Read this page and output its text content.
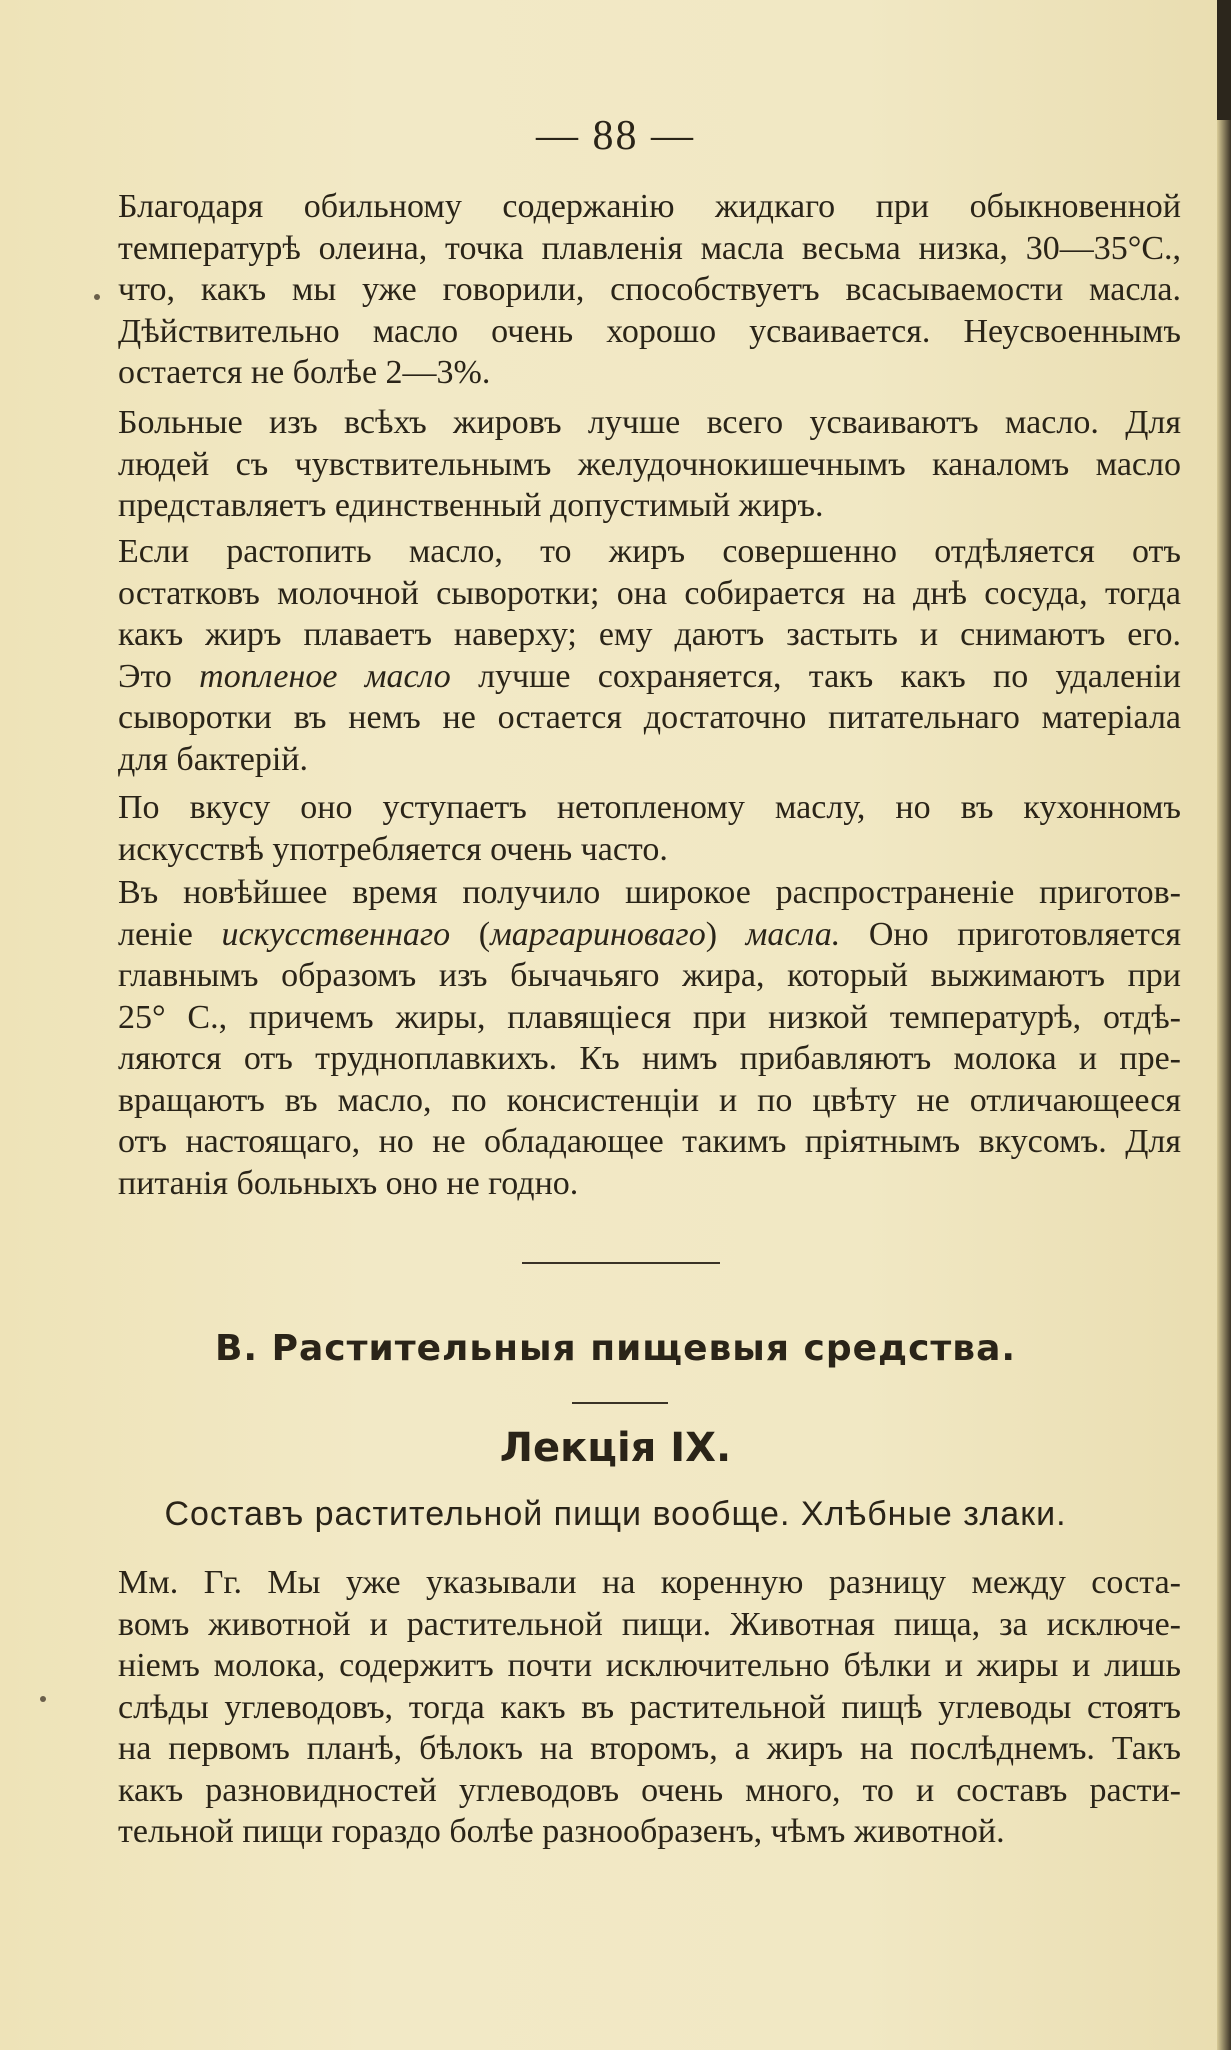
— 88 —
Благодаря обильному содержанію жидкаго при обыкновенной
температурѣ олеина, точка плавленія масла весьма низка, 30—35°С.,
что, какъ мы уже говорили, способствуетъ всасываемости масла.
Дѣйствительно масло очень хорошо усваивается. Неусвоеннымъ
остается не болѣе 2—3%.
Больные изъ всѣхъ жировъ лучше всего усваиваютъ масло. Для
людей съ чувствительнымъ желудочнокишечнымъ каналомъ масло
представляетъ единственный допустимый жиръ.
Если растопить масло, то жиръ совершенно отдѣляется отъ
остатковъ молочной сыворотки; она собирается на днѣ сосуда, тогда
какъ жиръ плаваетъ наверху; ему даютъ застыть и снимаютъ его.
Это топленое масло лучше сохраняется, такъ какъ по удаленіи
сыворотки въ немъ не остается достаточно питательнаго матеріала
для бактерій.
По вкусу оно уступаетъ нетопленому маслу, но въ кухонномъ
искусствѣ употребляется очень часто.
Въ новѣйшее время получило широкое распространеніе приготов-
леніе искусственнаго (маргариноваго) масла. Оно приготовляется
главнымъ образомъ изъ бычачьяго жира, который выжимаютъ при
25° С., причемъ жиры, плавящіеся при низкой температурѣ, отдѣ-
ляются отъ трудноплавкихъ. Къ нимъ прибавляютъ молока и пре-
вращаютъ въ масло, по консистенціи и по цвѣту не отличающееся
отъ настоящаго, но не обладающее такимъ пріятнымъ вкусомъ. Для
питанія больныхъ оно не годно.
В. Растительныя пищевыя средства.
Лекція IX.
Составъ растительной пищи вообще. Хлѣбные злаки.
Мм. Гг. Мы уже указывали на коренную разницу между соста-
вомъ животной и растительной пищи. Животная пища, за исключе-
ніемъ молока, содержитъ почти исключительно бѣлки и жиры и лишь
слѣды углеводовъ, тогда какъ въ растительной пищѣ углеводы стоятъ
на первомъ планѣ, бѣлокъ на второмъ, а жиръ на послѣднемъ. Такъ
какъ разновидностей углеводовъ очень много, то и составъ расти-
тельной пищи гораздо болѣе разнообразенъ, чѣмъ животной.
